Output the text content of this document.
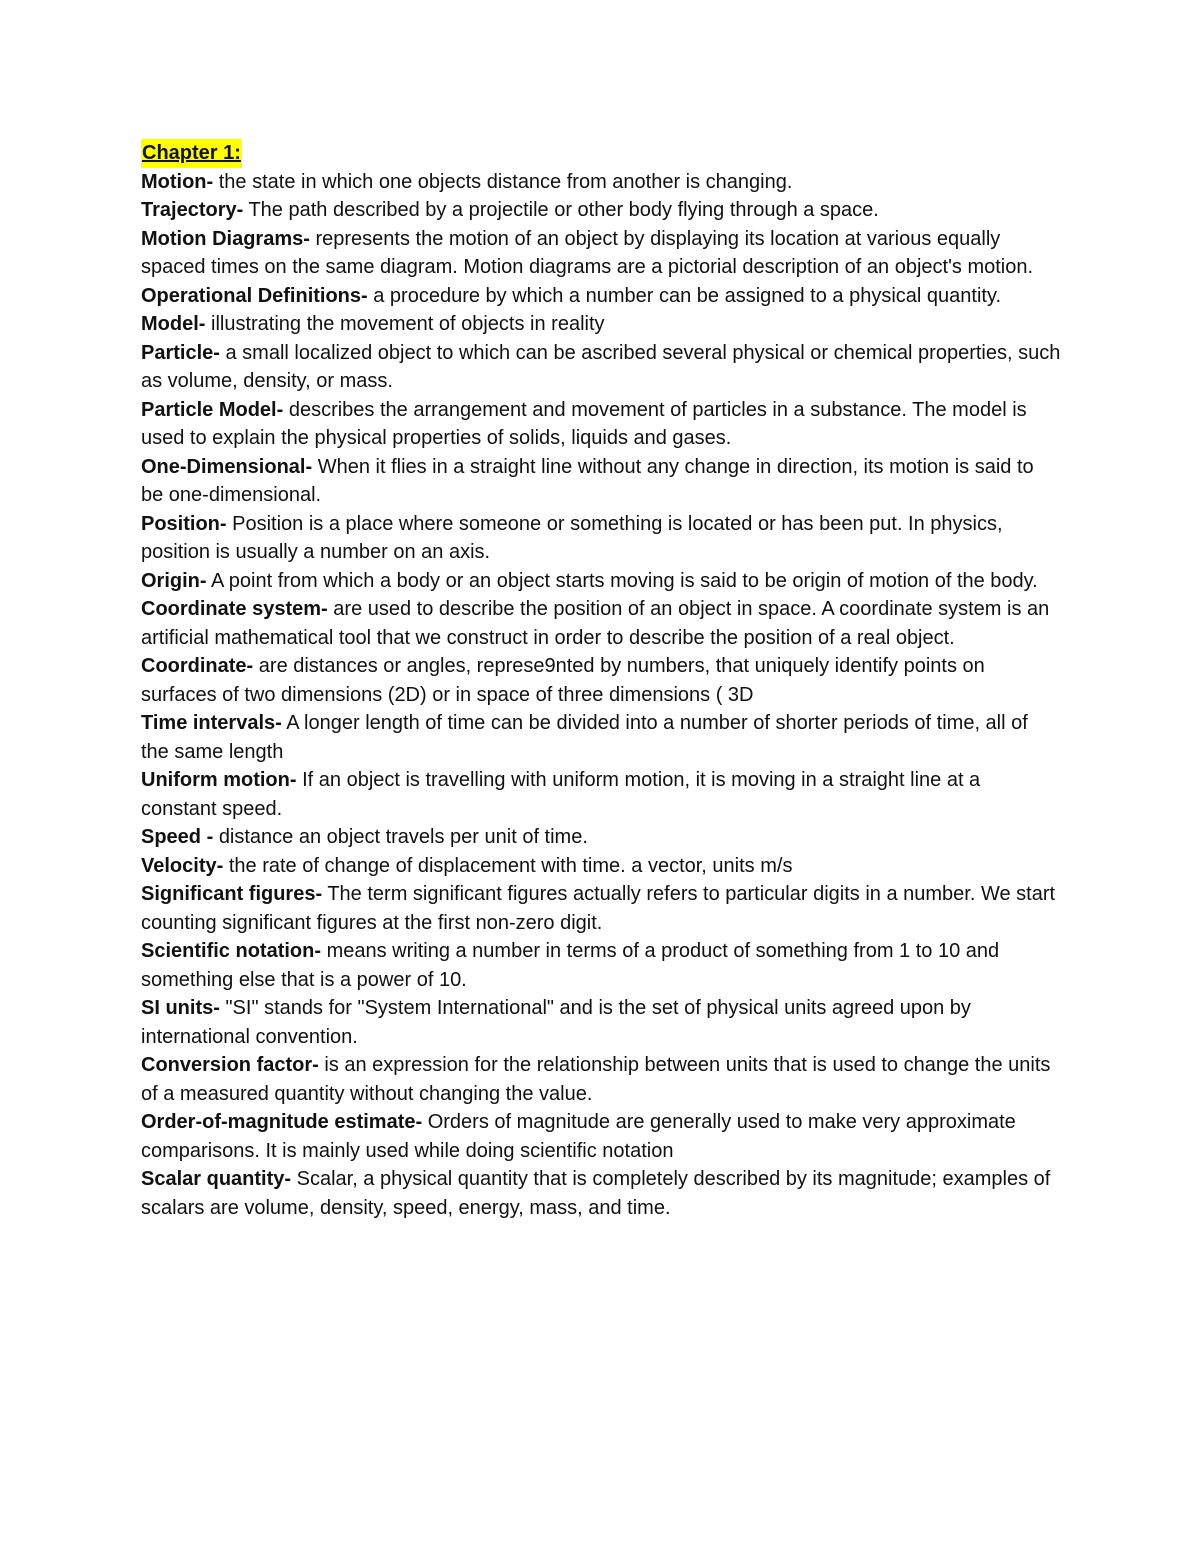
Chapter 1:

Motion- the state in which one objects distance from another is changing.

Trajectory- The path described by a projectile or other body flying through a space.

Motion Diagrams- represents the motion of an object by displaying its location at various equally spaced times on the same diagram. Motion diagrams are a pictorial description of an object's motion.

Operational Definitions- a procedure by which a number can be assigned to a physical quantity.

Model- illustrating the movement of objects in reality

Particle- a small localized object to which can be ascribed several physical or chemical properties, such as volume, density, or mass.

Particle Model- describes the arrangement and movement of particles in a substance. The model is used to explain the physical properties of solids, liquids and gases.

One-Dimensional- When it flies in a straight line without any change in direction, its motion is said to be one-dimensional.

Position- Position is a place where someone or something is located or has been put. In physics, position is usually a number on an axis.

Origin- A point from which a body or an object starts moving is said to be origin of motion of the body.

Coordinate system- are used to describe the position of an object in space. A coordinate system is an artificial mathematical tool that we construct in order to describe the position of a real object.

Coordinate- are distances or angles, represe9nted by numbers, that uniquely identify points on surfaces of two dimensions (2D) or in space of three dimensions ( 3D

Time intervals- A longer length of time can be divided into a number of shorter periods of time, all of the same length

Uniform motion- If an object is travelling with uniform motion, it is moving in a straight line at a constant speed.

Speed - distance an object travels per unit of time.

Velocity- the rate of change of displacement with time. a vector, units m/s

Significant figures- The term significant figures actually refers to particular digits in a number. We start counting significant figures at the first non-zero digit.

Scientific notation- means writing a number in terms of a product of something from 1 to 10 and something else that is a power of 10.

SI units- "SI" stands for "System International" and is the set of physical units agreed upon by international convention.

Conversion factor- is an expression for the relationship between units that is used to change the units of a measured quantity without changing the value.

Order-of-magnitude estimate- Orders of magnitude are generally used to make very approximate comparisons. It is mainly used while doing scientific notation

Scalar quantity- Scalar, a physical quantity that is completely described by its magnitude; examples of scalars are volume, density, speed, energy, mass, and time.
